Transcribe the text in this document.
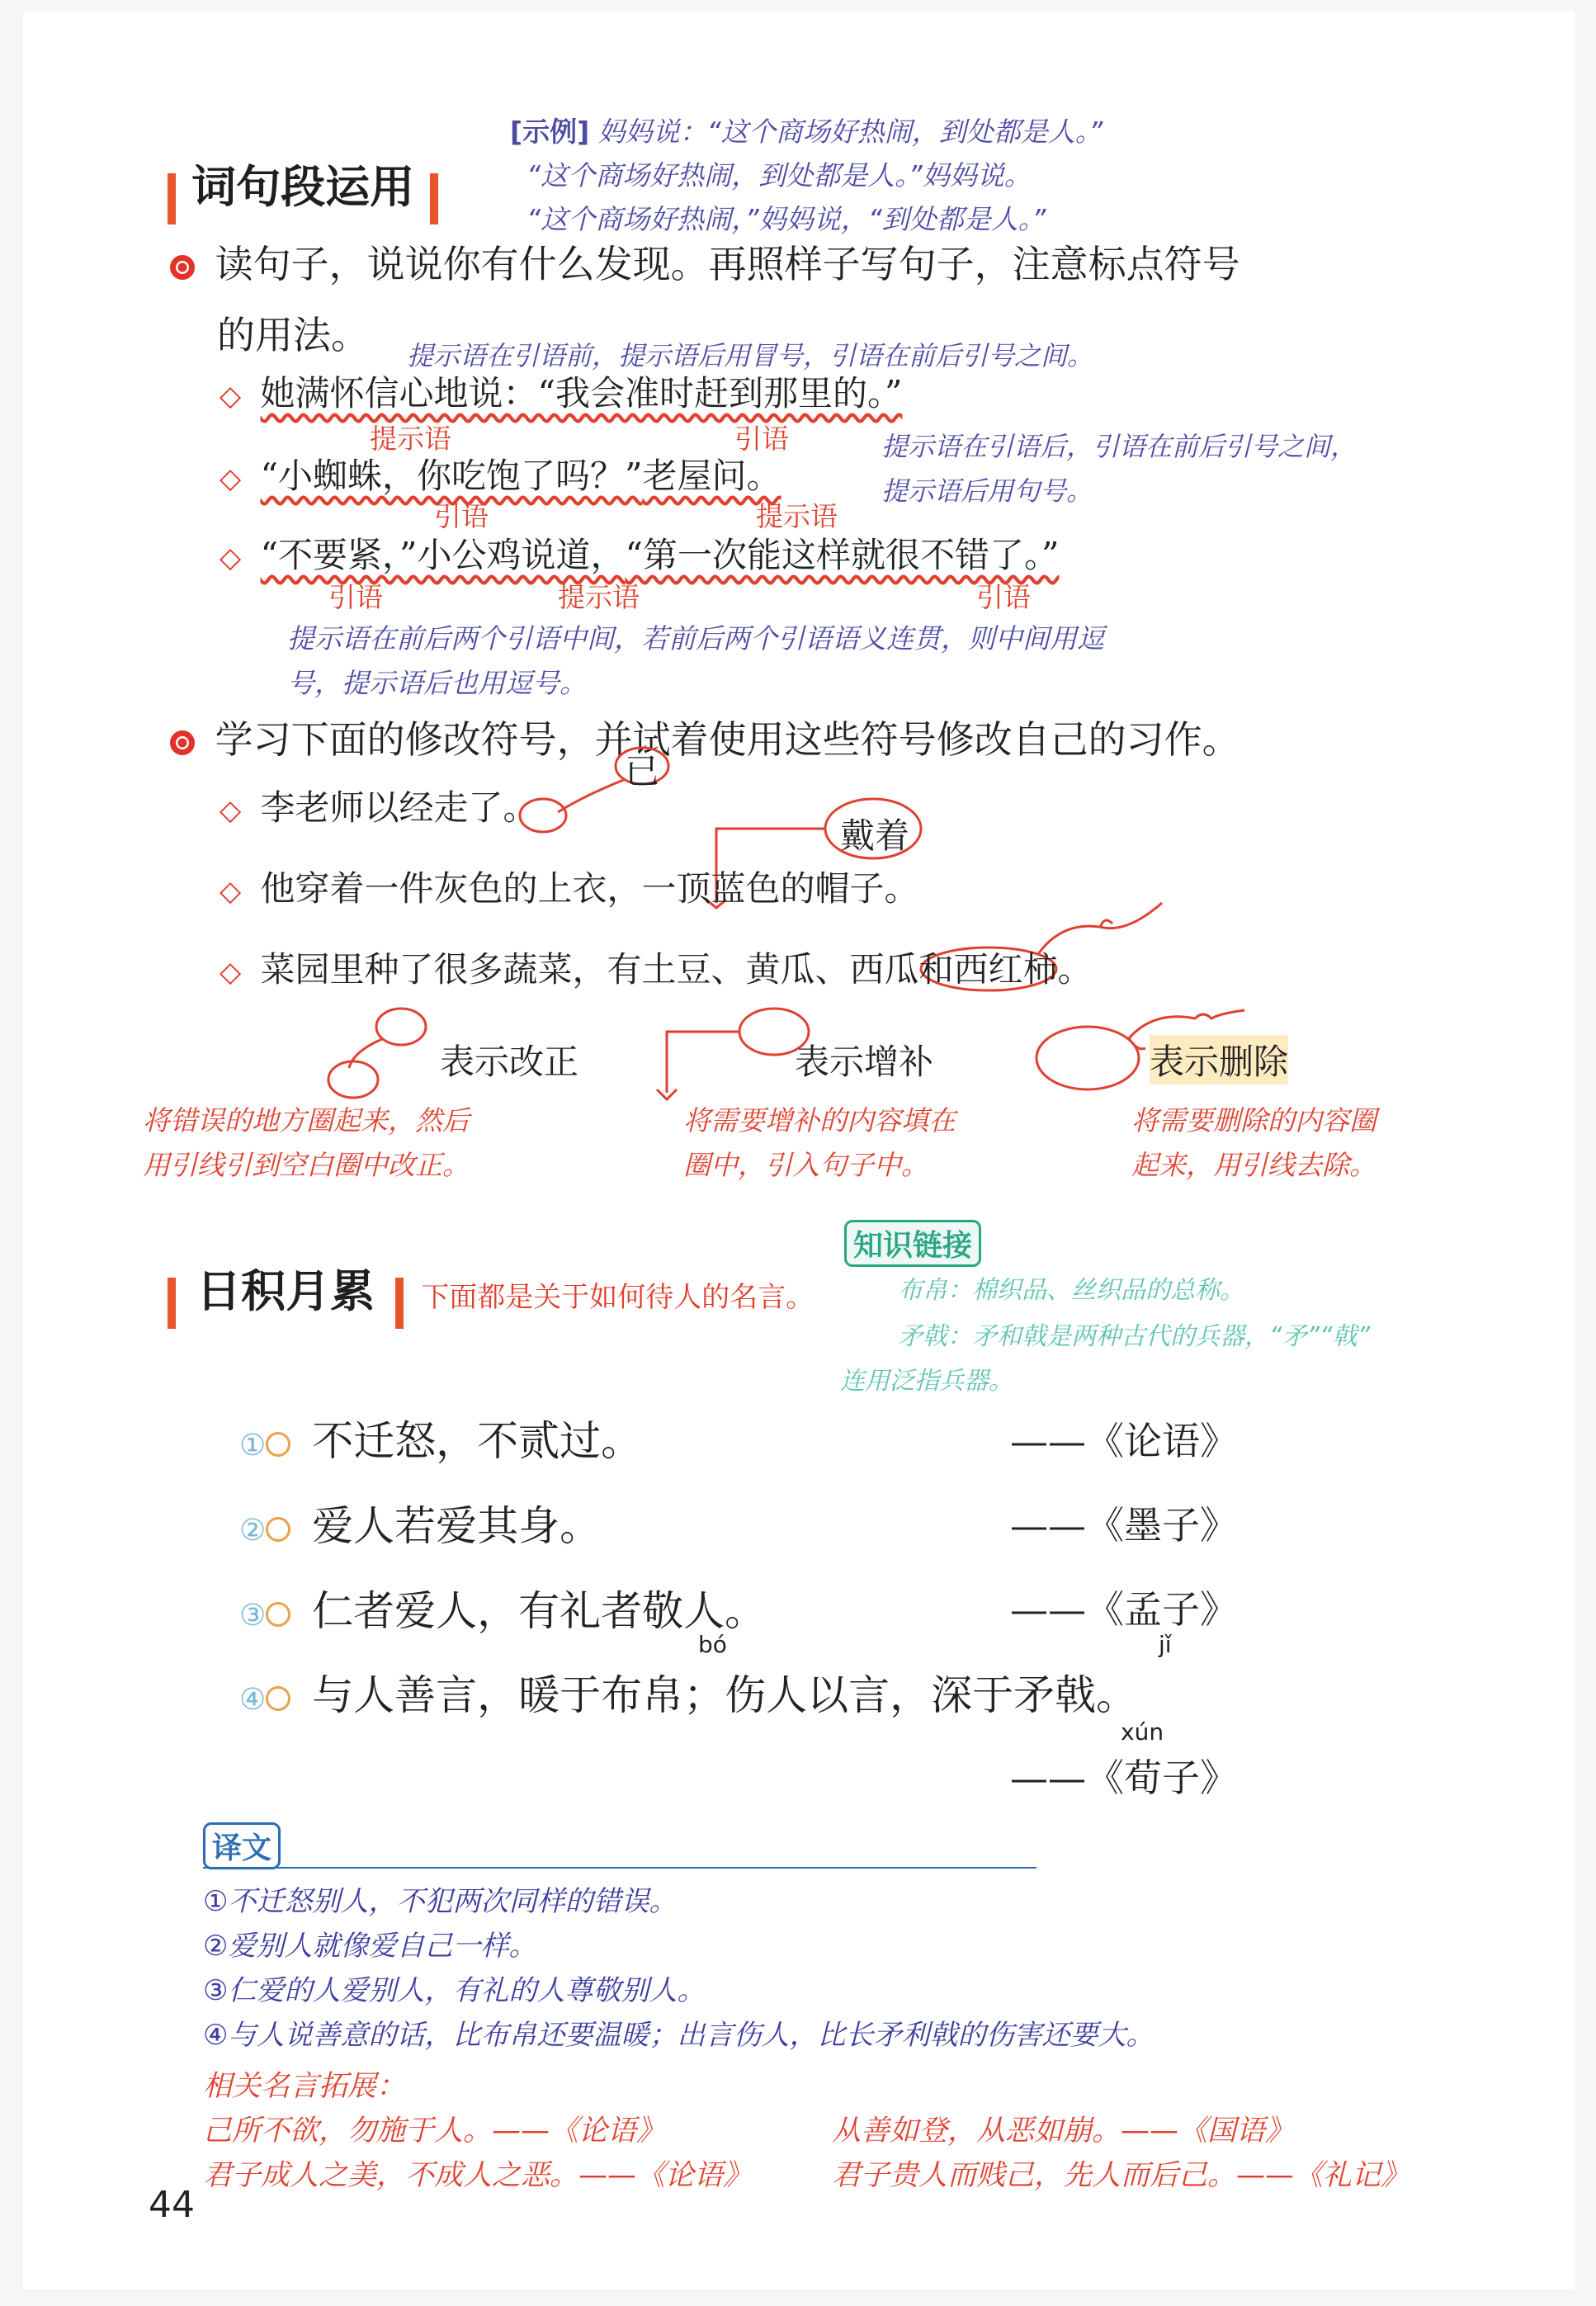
词句段运用
[示例] 妈妈说：“这个商场好热闹，到处都是人。”
“这个商场好热闹，到处都是人。”妈妈说。
“这个商场好热闹，”妈妈说，“到处都是人。”
读句子，说说你有什么发现。再照样子写句子，注意标点符号
的用法。 提示语在引语前，提示语后用冒号，引语在前后引号之间。
◇ 她满怀信心地说：“我会准时赶到那里的。”
提示语	引语
◇ “小蜘蛛，你吃饱了吗？”老屋问。
提示语在引语后，引语在前后引号之间，
提示语后用句号。
引语	提示语
◇ “不要紧，”小公鸡说道，“第一次能这样就很不错了。”
引语	提示语	引语
提示语在前后两个引语中间，若前后两个引语语义连贯，则中间用逗
号，提示语后也用逗号。
学习下面的修改符号，并试着使用这些符号修改自己的习作。
已
◇ 李老师以经走了。
戴着
◇ 他穿着一件灰色的上衣，一顶蓝色的帽子。
◇ 菜园里种了很多蔬菜，有土豆、黄瓜、西瓜和西红柿。
表示改正	表示增补	表示删除
将错误的地方圈起来，然后
用引线引到空白圈中改正。
将需要增补的内容填在
圈中，引入句子中。
将需要删除的内容圈
起来，用引线去除。
日积月累 下面都是关于如何待人的名言。
知识链接
布帛：棉织品、丝织品的总称。
矛戟：矛和戟是两种古代的兵器，“矛”“戟”
连用泛指兵器。
① 不迁怒，不贰过。	——《论语》
② 爱人若爱其身。	——《墨子》
③ 仁者爱人，有礼者敬人。	——《孟子》
bó	jǐ
④ 与人善言，暖于布帛；伤人以言，深于矛戟。
xún
——《荀子》
译文
①不迁怒别人，不犯两次同样的错误。
②爱别人就像爱自己一样。
③仁爱的人爱别人，有礼的人尊敬别人。
④与人说善意的话，比布帛还要温暖；出言伤人，比长矛利戟的伤害还要大。
相关名言拓展：
己所不欲，勿施于人。——《论语》	从善如登，从恶如崩。——《国语》
君子成人之美，不成人之恶。——《论语》	君子贵人而贱己，先人而后己。——《礼记》
44
